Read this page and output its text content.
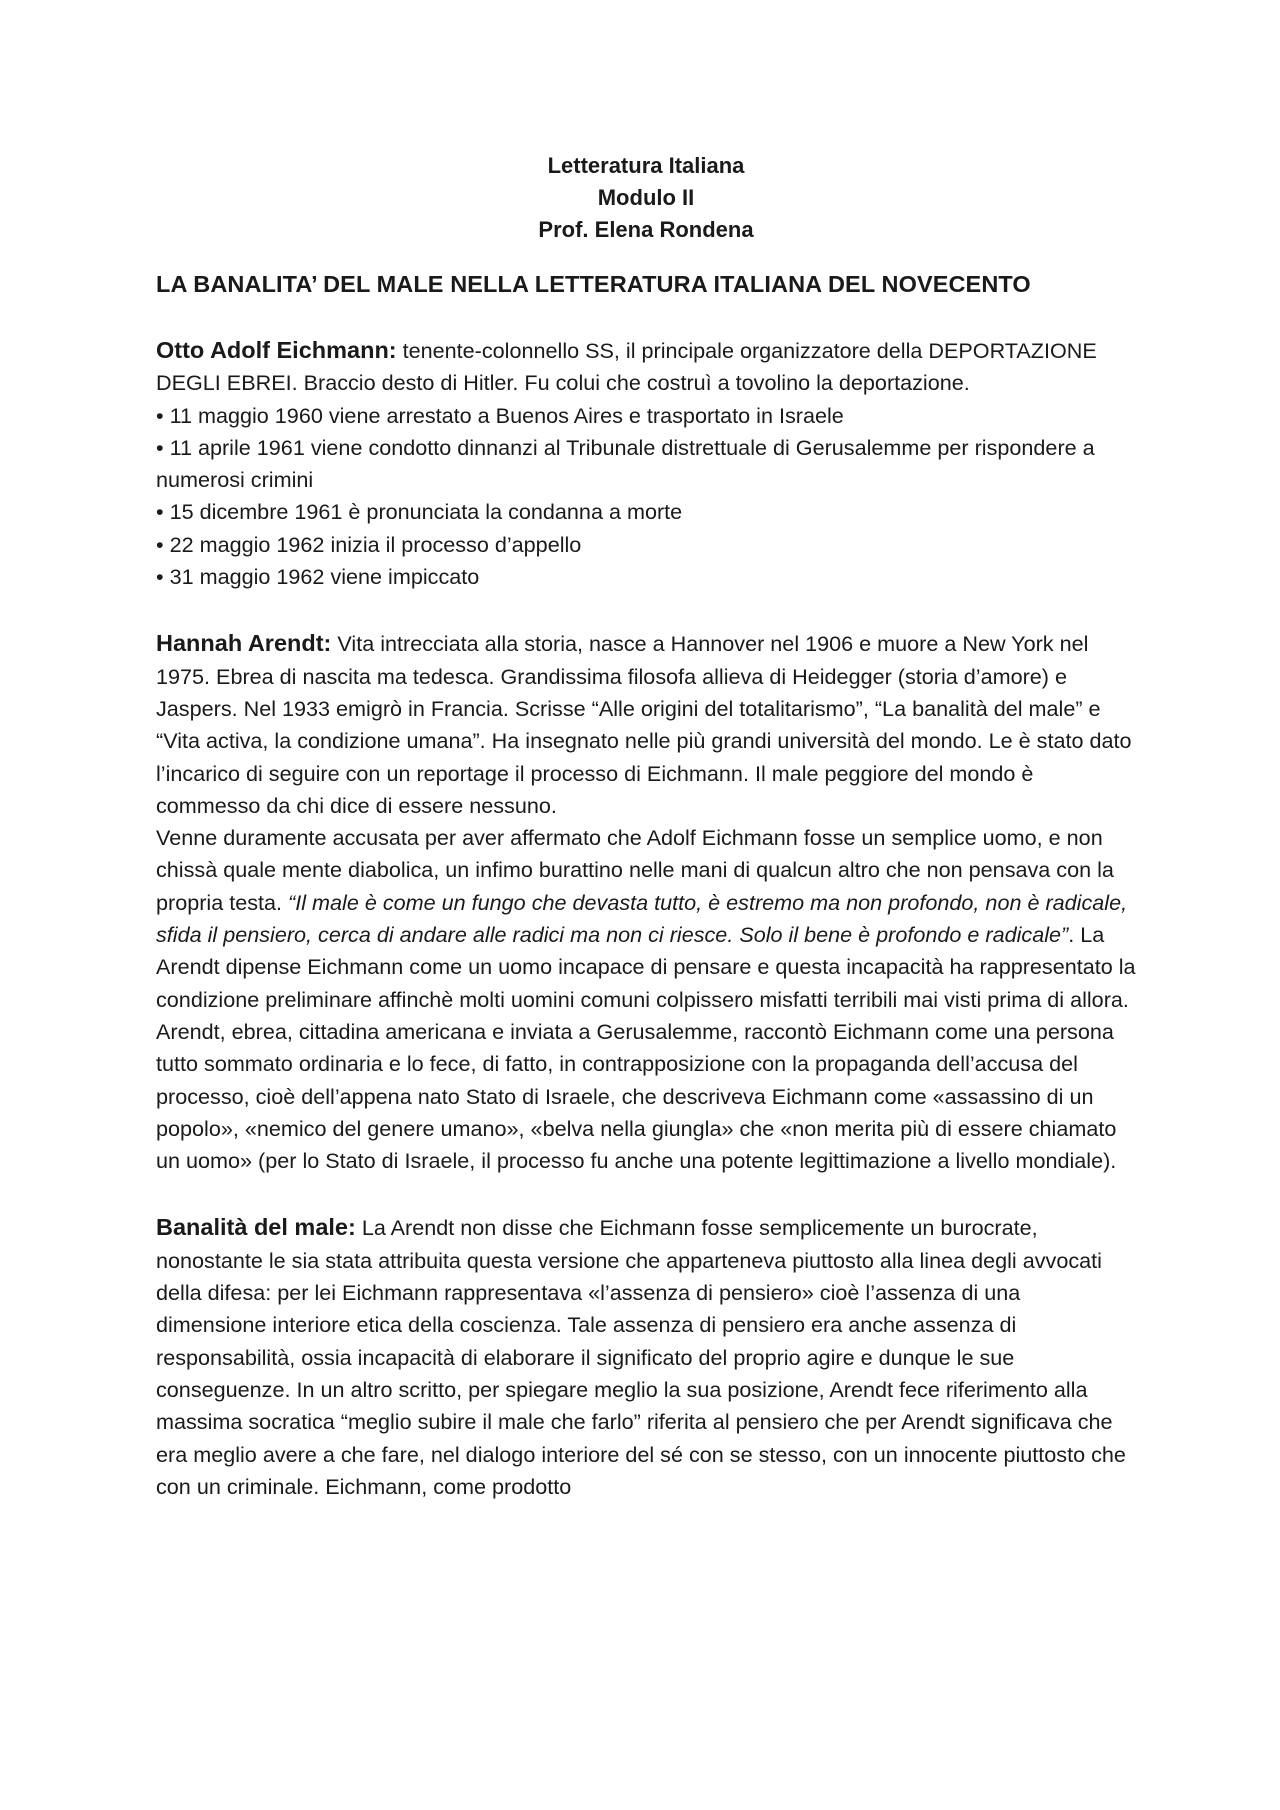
Letteratura Italiana
Modulo II
Prof. Elena Rondena
LA BANALITA’ DEL MALE NELLA LETTERATURA ITALIANA DEL NOVECENTO

Otto Adolf Eichmann: tenente-colonnello SS, il principale organizzatore della DEPORTAZIONE DEGLI EBREI. Braccio desto di Hitler. Fu colui che costruì a tovolino la deportazione.

• 11 maggio 1960 viene arrestato a Buenos Aires e trasportato in Israele
• 11 aprile 1961 viene condotto dinnanzi al Tribunale distrettuale di Gerusalemme per rispondere a numerosi crimini
• 15 dicembre 1961 è pronunciata la condanna a morte
• 22 maggio 1962 inizia il processo d’appello
• 31 maggio 1962 viene impiccato

Hannah Arendt: Vita intrecciata alla storia, nasce a Hannover nel 1906 e muore a New York nel 1975. Ebrea di nascita ma tedesca. Grandissima filosofa allieva di Heidegger (storia d’amore) e Jaspers. Nel 1933 emigrò in Francia. Scrisse “Alle origini del totalitarismo”, “La banalità del male” e “Vita activa, la condizione umana”. Ha insegnato nelle più grandi università del mondo. Le è stato dato l’incarico di seguire con un reportage il processo di Eichmann. Il male peggiore del mondo è commesso da chi dice di essere nessuno.

Venne duramente accusata per aver affermato che Adolf Eichmann fosse un semplice uomo, e non chissà quale mente diabolica, un infimo burattino nelle mani di qualcun altro che non pensava con la propria testa. “Il male è come un fungo che devasta tutto, è estremo ma non profondo, non è radicale, sfida il pensiero, cerca di andare alle radici ma non ci riesce. Solo il bene è profondo e radicale”. La Arendt dipense Eichmann come un uomo incapace di pensare e questa incapacità ha rappresentato la condizione preliminare affinchè molti uomini comuni colpissero misfatti terribili mai visti prima di allora.

Arendt, ebrea, cittadina americana e inviata a Gerusalemme, raccontò Eichmann come una persona tutto sommato ordinaria e lo fece, di fatto, in contrapposizione con la propaganda dell’accusa del processo, cioè dell’appena nato Stato di Israele, che descriveva Eichmann come «assassino di un popolo», «nemico del genere umano», «belva nella giungla» che «non merita più di essere chiamato un uomo» (per lo Stato di Israele, il processo fu anche una potente legittimazione a livello mondiale).

Banalità del male: La Arendt non disse che Eichmann fosse semplicemente un burocrate, nonostante le sia stata attribuita questa versione che apparteneva piuttosto alla linea degli avvocati della difesa: per lei Eichmann rappresentava «l’assenza di pensiero» cioè l’assenza di una dimensione interiore etica della coscienza. Tale assenza di pensiero era anche assenza di responsabilità, ossia incapacità di elaborare il significato del proprio agire e dunque le sue conseguenze. In un altro scritto, per spiegare meglio la sua posizione, Arendt fece riferimento alla massima socratica “meglio subire il male che farlo” riferita al pensiero che per Arendt significava che era meglio avere a che fare, nel dialogo interiore del sé con se stesso, con un innocente piuttosto che con un criminale. Eichmann, come prodotto
